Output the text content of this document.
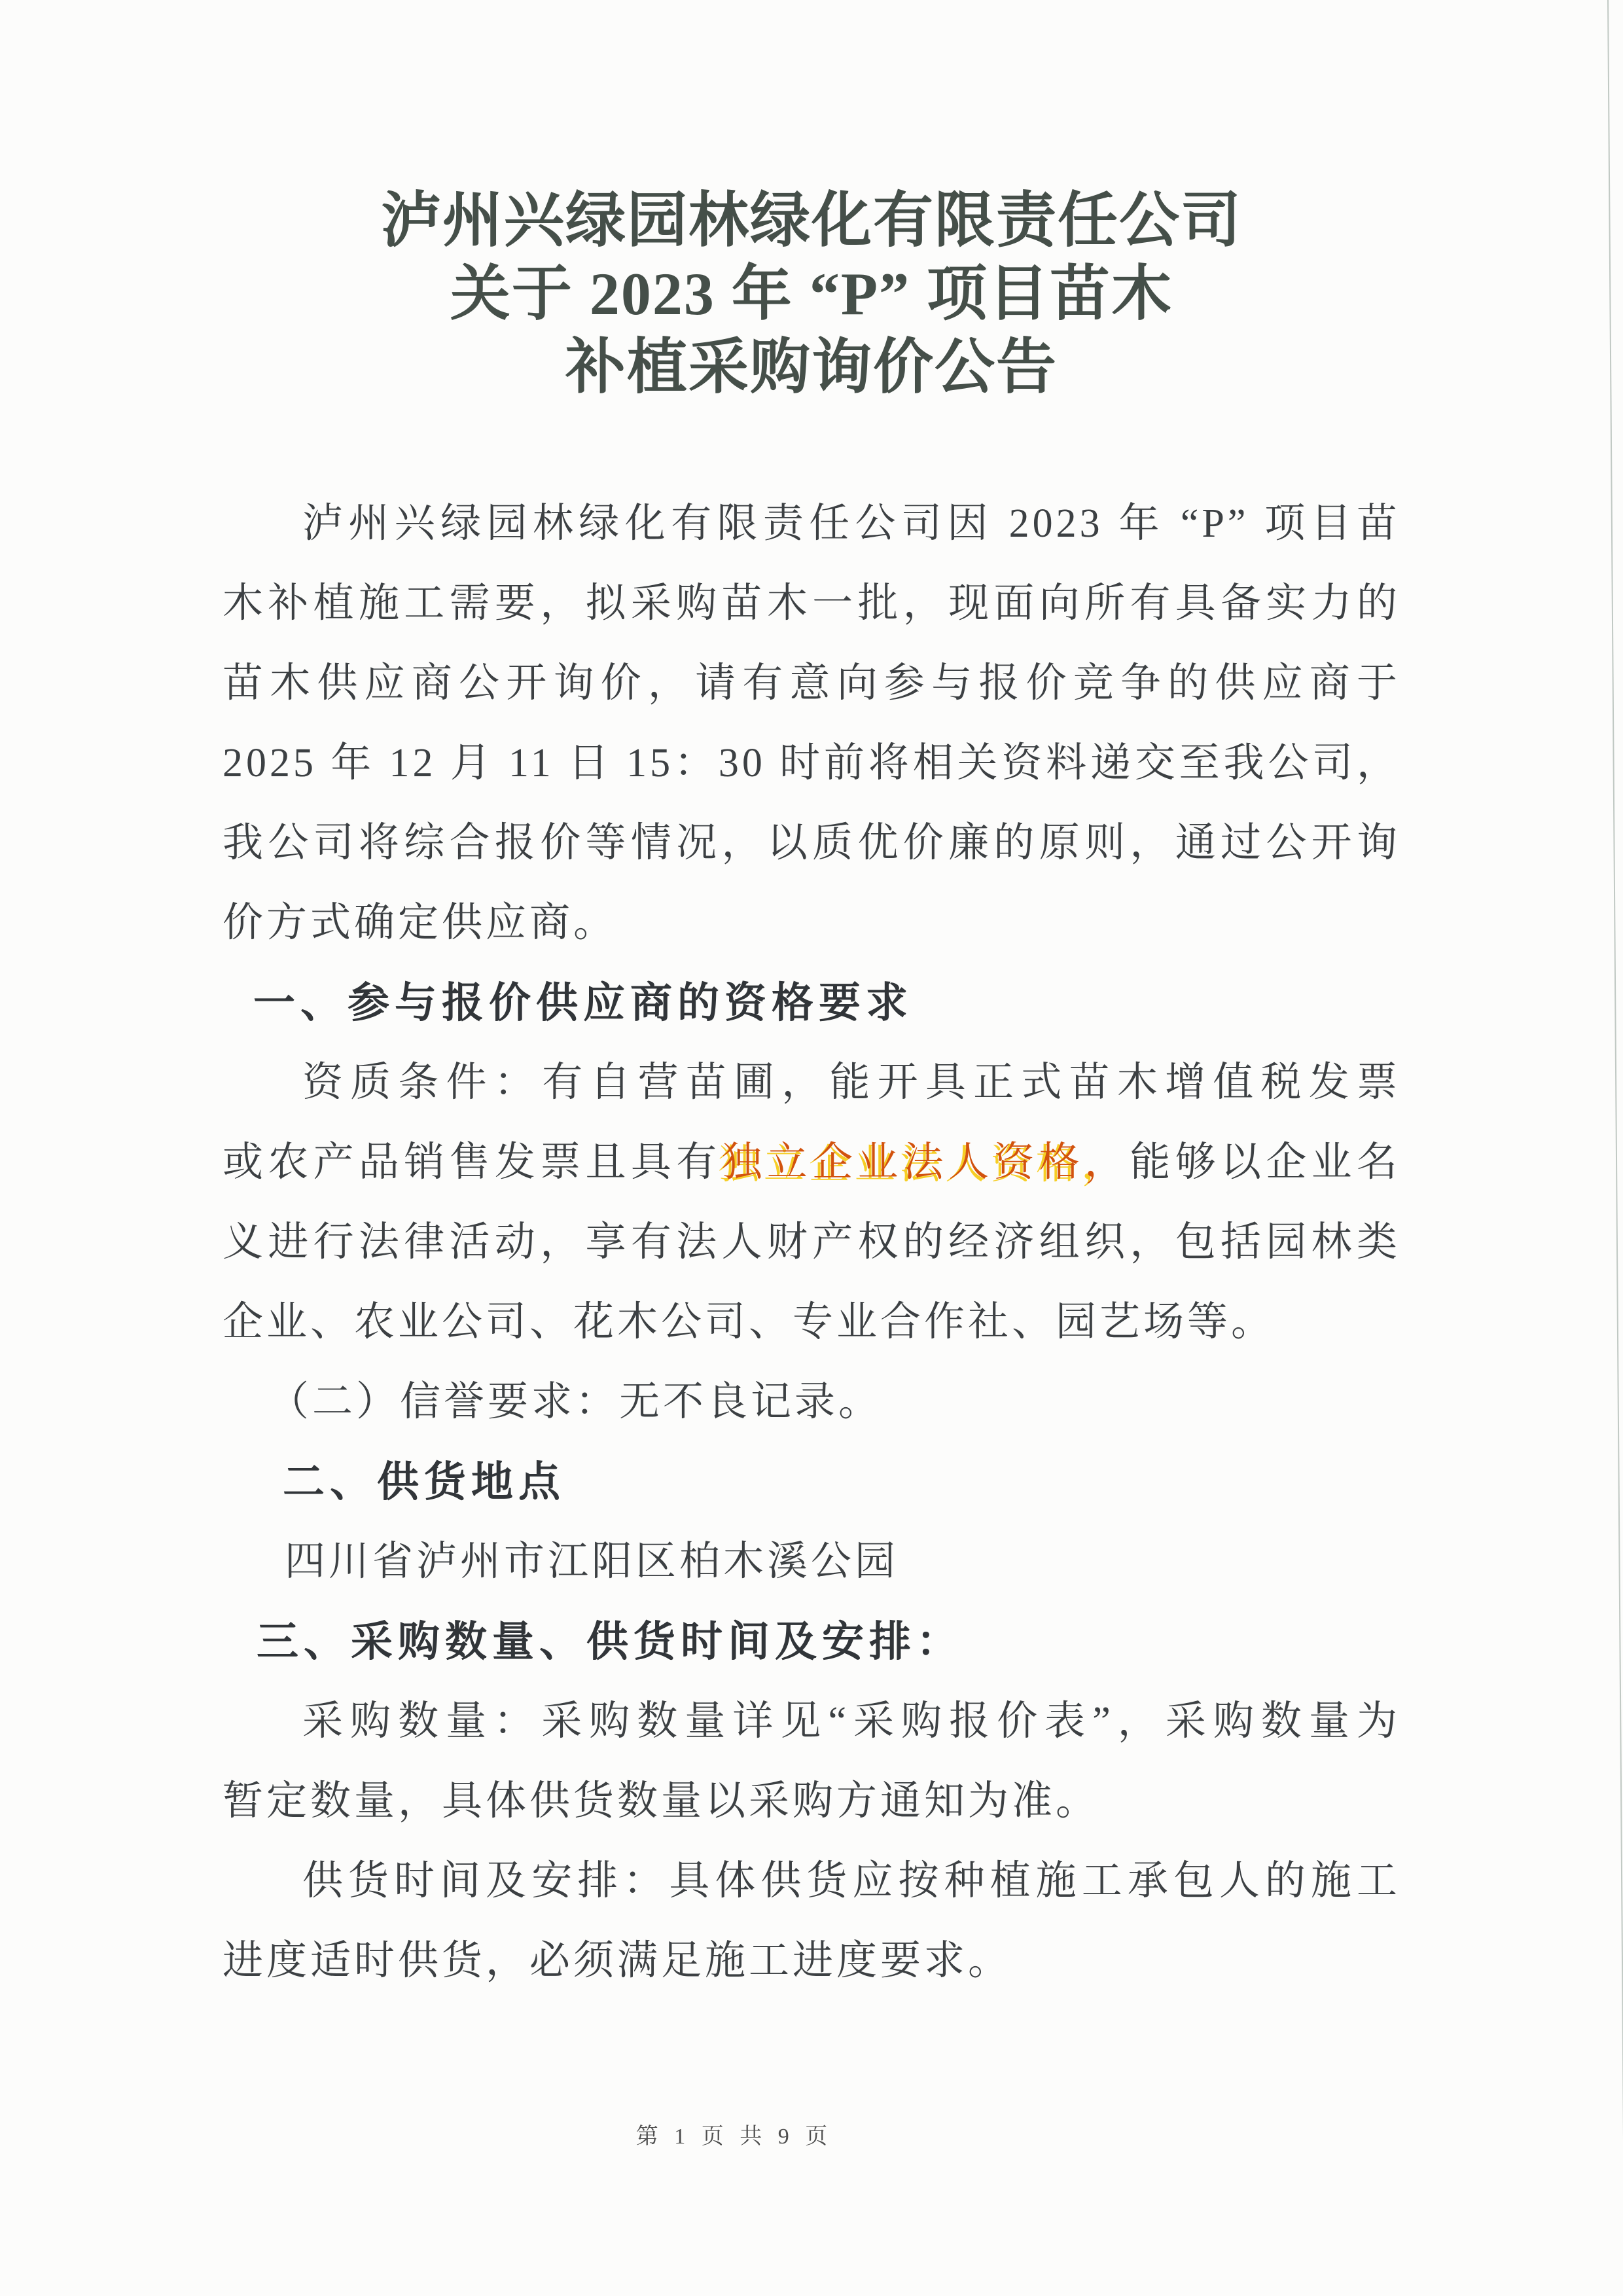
泸州兴绿园林绿化有限责任公司
关于 2023 年 “P” 项目苗木
补植采购询价公告
泸州兴绿园林绿化有限责任公司因 2023 年 “P” 项目苗
木补植施工需要，拟采购苗木一批，现面向所有具备实力的
苗木供应商公开询价，请有意向参与报价竞争的供应商于
2025 年 12 月 11 日 15：30 时前将相关资料递交至我公司，
我公司将综合报价等情况，以质优价廉的原则，通过公开询
价方式确定供应商。
一、参与报价供应商的资格要求
资质条件：有自营苗圃，能开具正式苗木增值税发票
或农产品销售发票且具有独立企业法人资格，能够以企业名
义进行法律活动，享有法人财产权的经济组织，包括园林类
企业、农业公司、花木公司、专业合作社、园艺场等。
（二）信誉要求：无不良记录。
二、供货地点
四川省泸州市江阳区柏木溪公园
三、采购数量、供货时间及安排：
采购数量：采购数量详见“采购报价表”，采购数量为
暂定数量，具体供货数量以采购方通知为准。
供货时间及安排：具体供货应按种植施工承包人的施工
进度适时供货，必须满足施工进度要求。
第 1 页 共 9 页
